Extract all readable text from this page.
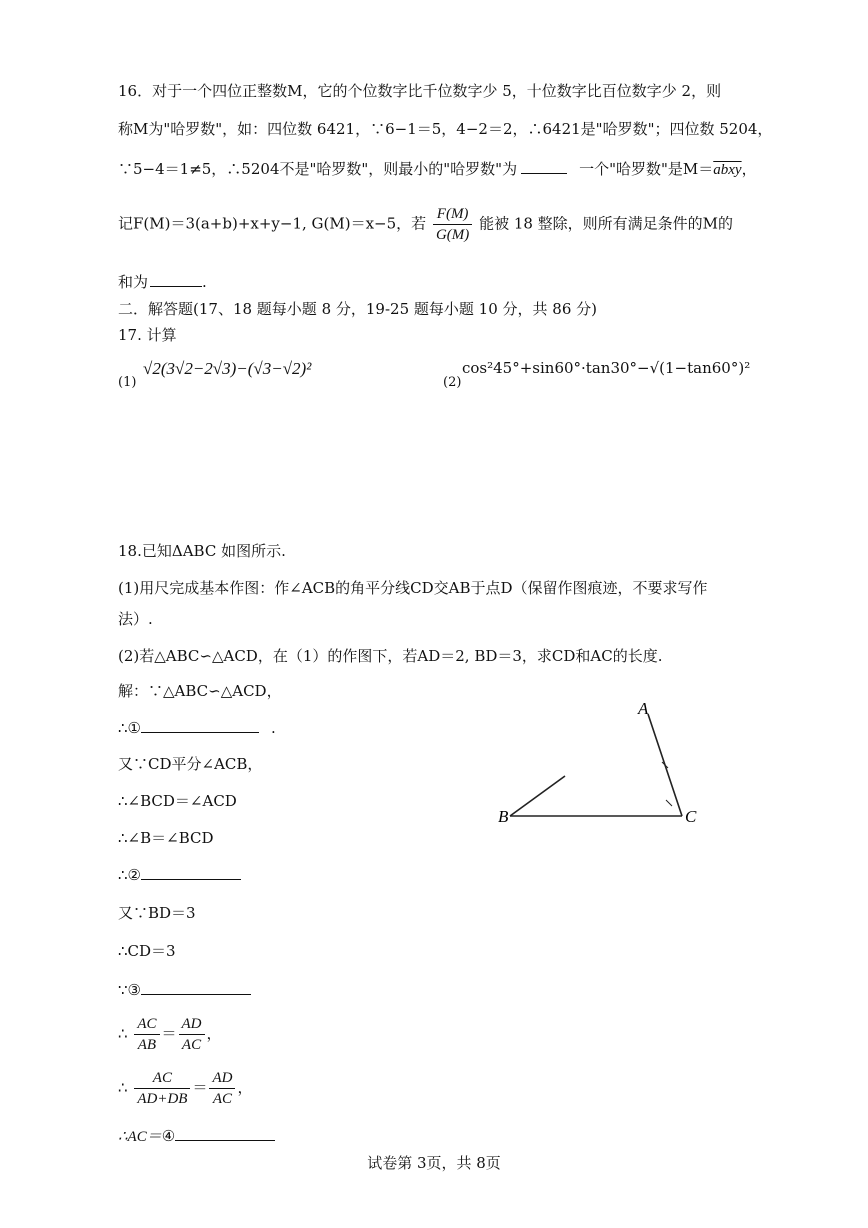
16．对于一个四位正整数M，它的个位数字比千位数字少 5，十位数字比百位数字少 2，则
称M为"哈罗数"，如：四位数 6421，∵6−1＝5，4−2＝2，∴6421是"哈罗数"；四位数 5204，
∵5−4＝1≠5，∴5204不是"哈罗数"，则最小的"哈罗数"为	一个"哈罗数"是M＝abxy，
记F(M)＝3(a+b)+x+y−1, G(M)＝x−5，若 $\frac{F(M)}{G(M)}$ 能被 18 整除，则所有满足条件的M的
和为	.
二．解答题(17、18 题每小题 8 分，19-25 题每小题 10 分，共 86 分)
17. 计算
(1)
√2(3√2−2√3)−(√3−√2)²
(2)
cos²45°+sin60°·tan30°−√(1−tan60°)²
18.已知ΔABC 如图所示.
(1)用尺完成基本作图：作∠ACB的角平分线CD交AB于点D（保留作图痕迹，不要求写作
法）.
(2)若△ABC∽△ACD，在（1）的作图下，若AD＝2, BD＝3，求CD和AC的长度.
解：∵△ABC∽△ACD，
∴①	.
又∵CD平分∠ACB，
∴∠BCD＝∠ACD
∴∠B＝∠BCD
∴②
又∵BD＝3
∴CD＝3
∵③
∴ $\frac{AC}{AB} = \frac{AD}{AC}$ ，
∴ $\frac{AC}{AD+DB} = \frac{AD}{AC}$ ，
∴AC＝④
B	C
A
试卷第 3页，共 8页
